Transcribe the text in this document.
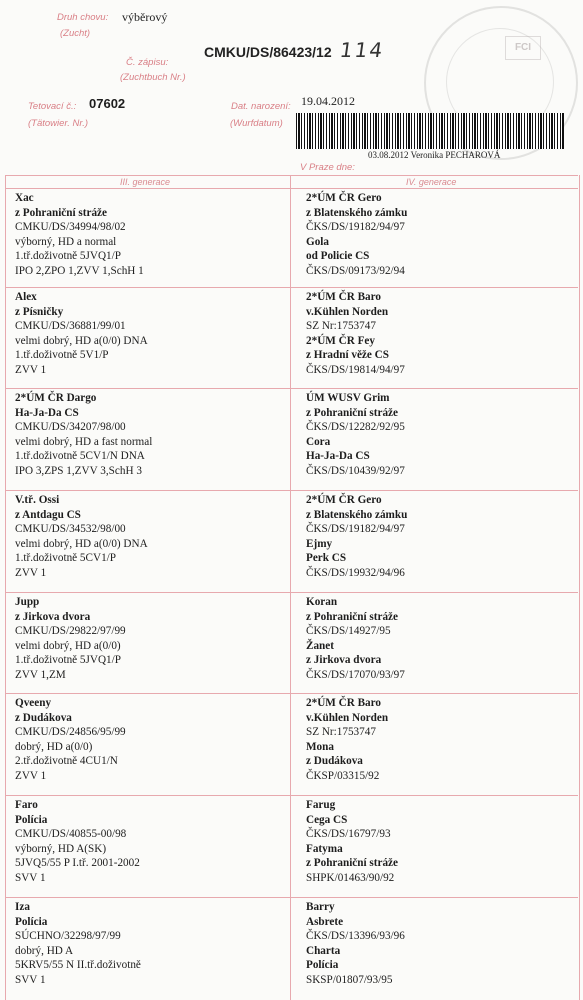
FCI
Druh chovu:
(Zucht)
výběrový
CMKU/DS/86423/12 114
Č. zápisu:
(Zuchtbuch Nr.)
Tetovací č.:
(Tätowier. Nr.)
07602	Dat. narození:
(Wurfdatum)
19.04.2012
V Praze dne:
03.08.2012 Veronika PECHAROVÁ
III. generace	IV. generace
Xac
z Pohraniční stráže
CMKU/DS/34994/98/02
výborný, HD a normal
1.tř.doživotně 5JVQ1/P
IPO 2,ZPO 1,ZVV 1,SchH 1
2*ÚM ČR Gero
z Blatenského zámku
ČKS/DS/19182/94/97
Gola
od Policie CS
ČKS/DS/09173/92/94
Alex
z Písničky
CMKU/DS/36881/99/01
velmi dobrý, HD a(0/0) DNA
1.tř.doživotně 5V1/P
ZVV 1
2*ÚM ČR Baro
v.Kühlen Norden
SZ Nr:1753747
2*ÚM ČR Fey
z Hradní věže CS
ČKS/DS/19814/94/97
2*ÚM ČR Dargo
Ha-Ja-Da CS
CMKU/DS/34207/98/00
velmi dobrý, HD a fast normal
1.tř.doživotně 5CV1/N DNA
IPO 3,ZPS 1,ZVV 3,SchH 3
ÚM WUSV Grim
z Pohraniční stráže
ČKS/DS/12282/92/95
Cora
Ha-Ja-Da CS
ČKS/DS/10439/92/97
V.tř. Ossi
z Antdagu CS
CMKU/DS/34532/98/00
velmi dobrý, HD a(0/0) DNA
1.tř.doživotně 5CV1/P
ZVV 1
2*ÚM ČR Gero
z Blatenského zámku
ČKS/DS/19182/94/97
Ejmy
Perk CS
ČKS/DS/19932/94/96
Jupp
z Jirkova dvora
CMKU/DS/29822/97/99
velmi dobrý, HD a(0/0)
1.tř.doživotně 5JVQ1/P
ZVV 1,ZM
Koran
z Pohraniční stráže
ČKS/DS/14927/95
Žanet
z Jirkova dvora
ČKS/DS/17070/93/97
Qveeny
z Dudákova
CMKU/DS/24856/95/99
dobrý, HD a(0/0)
2.tř.doživotně 4CU1/N
ZVV 1
2*ÚM ČR Baro
v.Kühlen Norden
SZ Nr:1753747
Mona
z Dudákova
ČKSP/03315/92
Faro
Polícia
CMKU/DS/40855-00/98
výborný, HD A(SK)
5JVQ5/55 P I.tř. 2001-2002
SVV 1
Farug
Cega CS
ČKS/DS/16797/93
Fatyma
z Pohraniční stráže
SHPK/01463/90/92
Iza
Polícia
SÚCHNO/32298/97/99
dobrý, HD A
5KRV5/55 N II.tř.doživotně
SVV 1
Barry
Asbrete
ČKS/DS/13396/93/96
Charta
Polícia
SKSP/01807/93/95
